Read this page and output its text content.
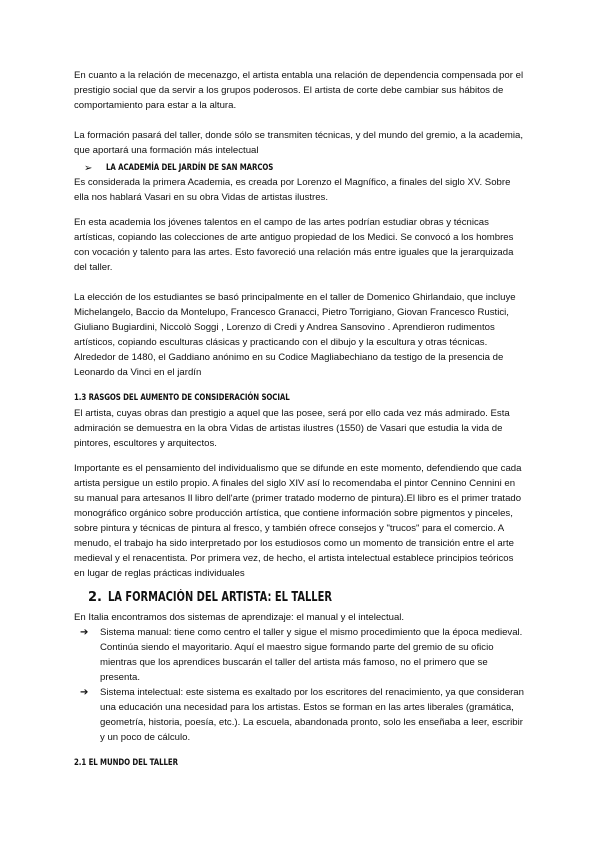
En cuanto a la relación de mecenazgo, el artista entabla una relación de dependencia compensada por el prestigio social que da servir a los grupos poderosos. El artista de corte debe cambiar sus hábitos de comportamiento para estar a la altura.

La formación pasará del taller, donde sólo se transmiten técnicas, y del mundo del gremio, a la academia, que aportará una formación más intelectual

➢	LA ACADEMÍA DEL JARDÍN DE SAN MARCOS

Es considerada la primera Academia, es creada por Lorenzo el Magnífico, a finales del siglo XV. Sobre ella nos hablará Vasari en su obra Vidas de artistas ilustres.

En esta academia los jóvenes talentos en el campo de las artes podrían estudiar obras y técnicas artísticas, copiando las colecciones de arte antiguo propiedad de los Medici. Se convocó a los hombres con vocación y talento para las artes. Esto favoreció una relación más entre iguales que la jerarquizada del taller.

La elección de los estudiantes se basó principalmente en el taller de Domenico Ghirlandaio, que incluye Michelangelo, Baccio da Montelupo, Francesco Granacci, Pietro Torrigiano, Giovan Francesco Rustici, Giuliano Bugiardini, Niccolò Soggi , Lorenzo di Credi y Andrea Sansovino . Aprendieron rudimentos artísticos, copiando esculturas clásicas y practicando con el dibujo y la escultura y otras técnicas. Alrededor de 1480, el Gaddiano anónimo en su Codice Magliabechiano da testigo de la presencia de Leonardo da Vinci en el jardín

1.3 RASGOS DEL AUMENTO DE CONSIDERACIÓN SOCIAL

El artista, cuyas obras dan prestigio a aquel que las posee, será por ello cada vez más admirado. Esta admiración se demuestra en la obra Vidas de artistas ilustres (1550) de Vasari que estudia la vida de pintores, escultores y arquitectos.

Importante es el pensamiento del individualismo que se difunde en este momento, defendiendo que cada artista persigue un estilo propio. A finales del siglo XIV así lo recomendaba el pintor Cennino Cennini en su manual para artesanos Il libro dell'arte (primer tratado moderno de pintura).El libro es el primer tratado monográfico orgánico sobre producción artística, que contiene información sobre pigmentos y pinceles, sobre pintura y técnicas de pintura al fresco, y también ofrece consejos y "trucos" para el comercio. A menudo, el trabajo ha sido interpretado por los estudiosos como un momento de transición entre el arte medieval y el renacentista. Por primera vez, de hecho, el artista intelectual establece principios teóricos en lugar de reglas prácticas individuales

2. LA FORMACIÓN DEL ARTISTA: EL TALLER

En Italia encontramos dos sistemas de aprendizaje: el manual y el intelectual.

➔	Sistema manual: tiene como centro el taller y sigue el mismo procedimiento que la época medieval. Continúa siendo el mayoritario. Aquí el maestro sigue formando parte del gremio de su oficio mientras que los aprendices buscarán el taller del artista más famoso, no el primero que se presenta.

➔	Sistema intelectual: este sistema es exaltado por los escritores del renacimiento, ya que consideran una educación una necesidad para los artistas. Estos se forman en las artes liberales (gramática, geometría, historia, poesía, etc.). La escuela, abandonada pronto, solo les enseñaba a leer, escribir y un poco de cálculo.

2.1 EL MUNDO DEL TALLER
